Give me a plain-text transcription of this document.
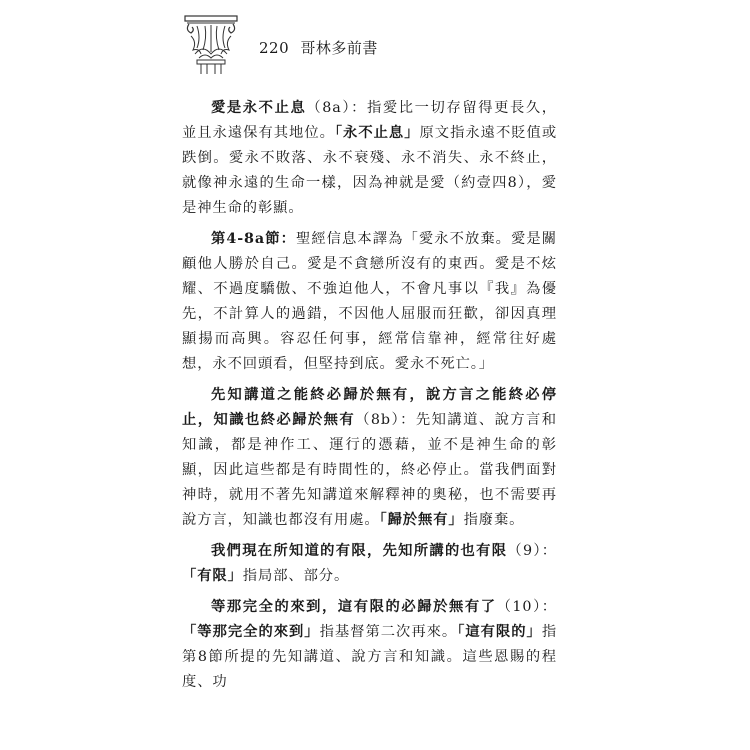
220 哥林多前書

愛是永不止息（8a）：指愛比一切存留得更長久，並且永遠保有其地位。「永不止息」原文指永遠不貶值或跌倒。愛永不敗落、永不衰殘、永不消失、永不終止，就像神永遠的生命一樣，因為神就是愛（約壹四8），愛是神生命的彰顯。

第4-8a節：聖經信息本譯為「愛永不放棄。愛是關顧他人勝於自己。愛是不貪戀所沒有的東西。愛是不炫耀、不過度驕傲、不強迫他人，不會凡事以『我』為優先，不計算人的過錯，不因他人屈服而狂歡，卻因真理顯揚而高興。容忍任何事，經常信靠神，經常往好處想，永不回頭看，但堅持到底。愛永不死亡。」

先知講道之能終必歸於無有，說方言之能終必停止，知識也終必歸於無有（8b）：先知講道、說方言和知識，都是神作工、運行的憑藉，並不是神生命的彰顯，因此這些都是有時間性的，終必停止。當我們面對神時，就用不著先知講道來解釋神的奧秘，也不需要再說方言，知識也都沒有用處。「歸於無有」指廢棄。

我們現在所知道的有限，先知所講的也有限（9）：「有限」指局部、部分。

等那完全的來到，這有限的必歸於無有了（10）：「等那完全的來到」指基督第二次再來。「這有限的」指第8節所提的先知講道、說方言和知識。這些恩賜的程度、功
